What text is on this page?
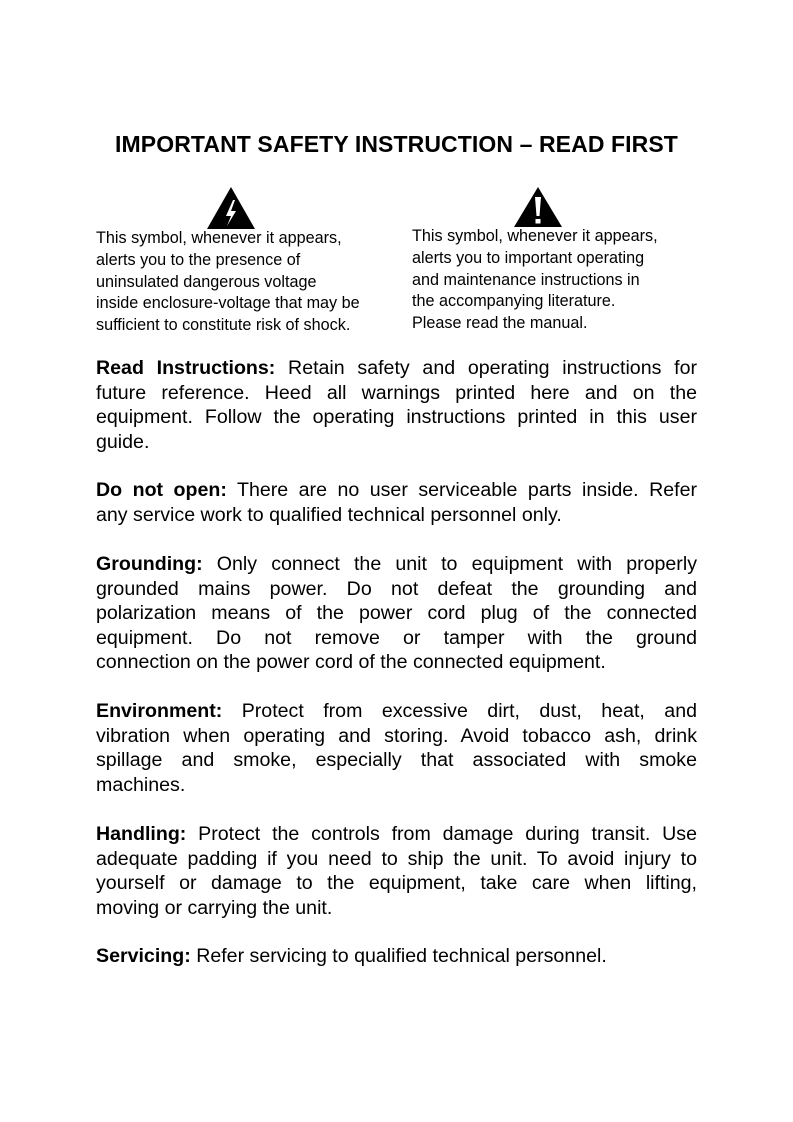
IMPORTANT SAFETY INSTRUCTION – READ FIRST
This symbol, whenever it appears,
alerts you to the presence of
uninsulated dangerous voltage
inside enclosure-voltage that may be
sufficient to constitute risk of shock.
This symbol, whenever it appears,
alerts you to important operating
and maintenance instructions in
the accompanying literature.
Please read the manual.
Read Instructions: Retain safety and operating instructions for
future reference. Heed all warnings printed here and on the
equipment. Follow the operating instructions printed in this user
guide.
Do not open: There are no user serviceable parts inside. Refer
any service work to qualified technical personnel only.
Grounding: Only connect the unit to equipment with properly
grounded mains power. Do not defeat the grounding and
polarization means of the power cord plug of the connected
equipment. Do not remove or tamper with the ground
connection on the power cord of the connected equipment.
Environment: Protect from excessive dirt, dust, heat, and
vibration when operating and storing. Avoid tobacco ash, drink
spillage and smoke, especially that associated with smoke
machines.
Handling: Protect the controls from damage during transit. Use
adequate padding if you need to ship the unit. To avoid injury to
yourself or damage to the equipment, take care when lifting,
moving or carrying the unit.
Servicing: Refer servicing to qualified technical personnel.
